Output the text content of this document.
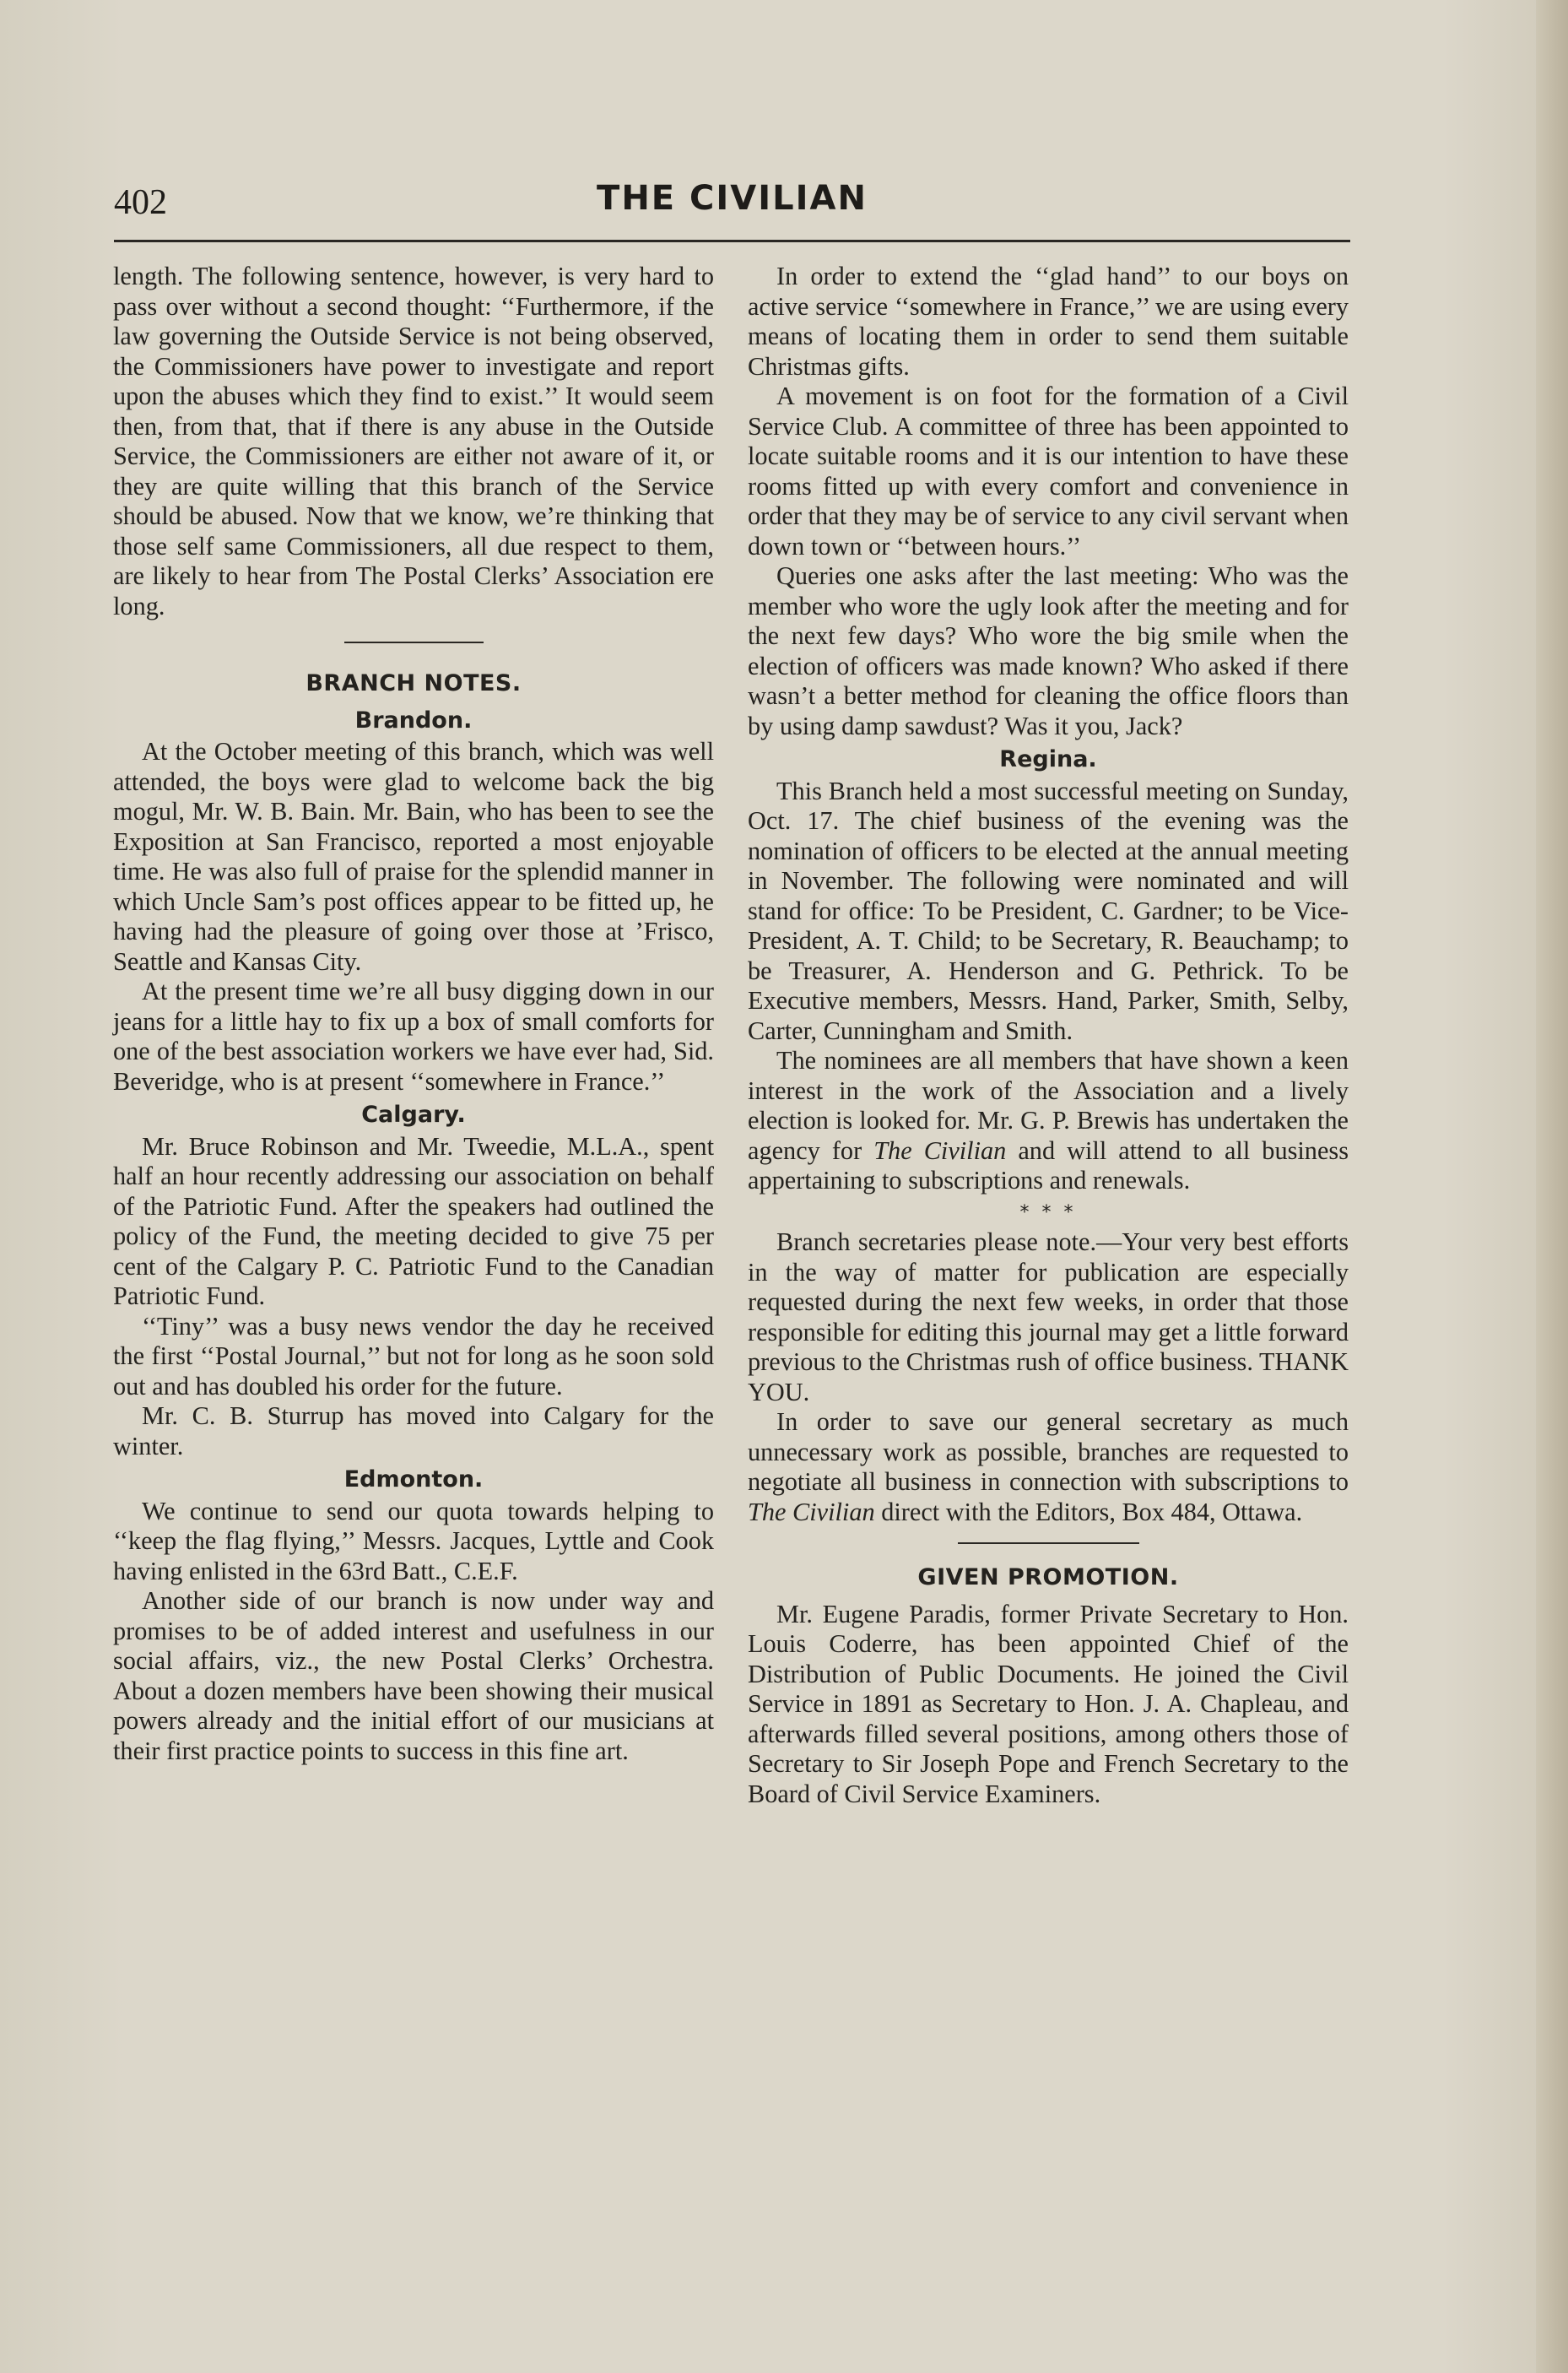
402	THE CIVILIAN

length. The following sentence, however, is very hard to pass over without a second thought: ‘‘Furthermore, if the law governing the Outside Service is not being observed, the Commissioners have power to investigate and report upon the abuses which they find to exist.’’ It would seem then, from that, that if there is any abuse in the Outside Service, the Commissioners are either not aware of it, or they are quite willing that this branch of the Service should be abused. Now that we know, we’re thinking that those self same Commissioners, all due respect to them, are likely to hear from The Postal Clerks’ Association ere long.

BRANCH NOTES.
Brandon.

At the October meeting of this branch, which was well attended, the boys were glad to welcome back the big mogul, Mr. W. B. Bain. Mr. Bain, who has been to see the Exposition at San Francisco, reported a most enjoyable time. He was also full of praise for the splendid manner in which Uncle Sam’s post offices appear to be fitted up, he having had the pleasure of going over those at ’Frisco, Seattle and Kansas City.

At the present time we’re all busy digging down in our jeans for a little hay to fix up a box of small comforts for one of the best association workers we have ever had, Sid. Beveridge, who is at present ‘‘somewhere in France.’’

Calgary.

Mr. Bruce Robinson and Mr. Tweedie, M.L.A., spent half an hour recently addressing our association on behalf of the Patriotic Fund. After the speakers had outlined the policy of the Fund, the meeting decided to give 75 per cent of the Calgary P. C. Patriotic Fund to the Canadian Patriotic Fund.

‘‘Tiny’’ was a busy news vendor the day he received the first ‘‘Postal Journal,’’ but not for long as he soon sold out and has doubled his order for the future.

Mr. C. B. Sturrup has moved into Calgary for the winter.

Edmonton.

We continue to send our quota towards helping to ‘‘keep the flag flying,’’ Messrs. Jacques, Lyttle and Cook having enlisted in the 63rd Batt., C.E.F.

Another side of our branch is now under way and promises to be of added interest and usefulness in our social affairs, viz., the new Postal Clerks’ Orchestra. About a dozen members have been showing their musical powers already and the initial effort of our musicians at their first practice points to success in this fine art.

In order to extend the ‘‘glad hand’’ to our boys on active service ‘‘somewhere in France,’’ we are using every means of locating them in order to send them suitable Christmas gifts.

A movement is on foot for the formation of a Civil Service Club. A committee of three has been appointed to locate suitable rooms and it is our intention to have these rooms fitted up with every comfort and convenience in order that they may be of service to any civil servant when down town or ‘‘between hours.’’

Queries one asks after the last meeting: Who was the member who wore the ugly look after the meeting and for the next few days? Who wore the big smile when the election of officers was made known? Who asked if there wasn’t a better method for cleaning the office floors than by using damp sawdust? Was it you, Jack?

Regina.

This Branch held a most successful meeting on Sunday, Oct. 17. The chief business of the evening was the nomination of officers to be elected at the annual meeting in November. The following were nominated and will stand for office: To be President, C. Gardner; to be Vice-President, A. T. Child; to be Secretary, R. Beauchamp; to be Treasurer, A. Henderson and G. Pethrick. To be Executive members, Messrs. Hand, Parker, Smith, Selby, Carter, Cunningham and Smith.

The nominees are all members that have shown a keen interest in the work of the Association and a lively election is looked for. Mr. G. P. Brewis has undertaken the agency for The Civilian and will attend to all business appertaining to subscriptions and renewals.

* * *

Branch secretaries please note.—Your very best efforts in the way of matter for publication are especially requested during the next few weeks, in order that those responsible for editing this journal may get a little forward previous to the Christmas rush of office business. THANK YOU.

In order to save our general secretary as much unnecessary work as possible, branches are requested to negotiate all business in connection with subscriptions to The Civilian direct with the Editors, Box 484, Ottawa.

GIVEN PROMOTION.

Mr. Eugene Paradis, former Private Secretary to Hon. Louis Coderre, has been appointed Chief of the Distribution of Public Documents. He joined the Civil Service in 1891 as Secretary to Hon. J. A. Chapleau, and afterwards filled several positions, among others those of Secretary to Sir Joseph Pope and French Secretary to the Board of Civil Service Examiners.
